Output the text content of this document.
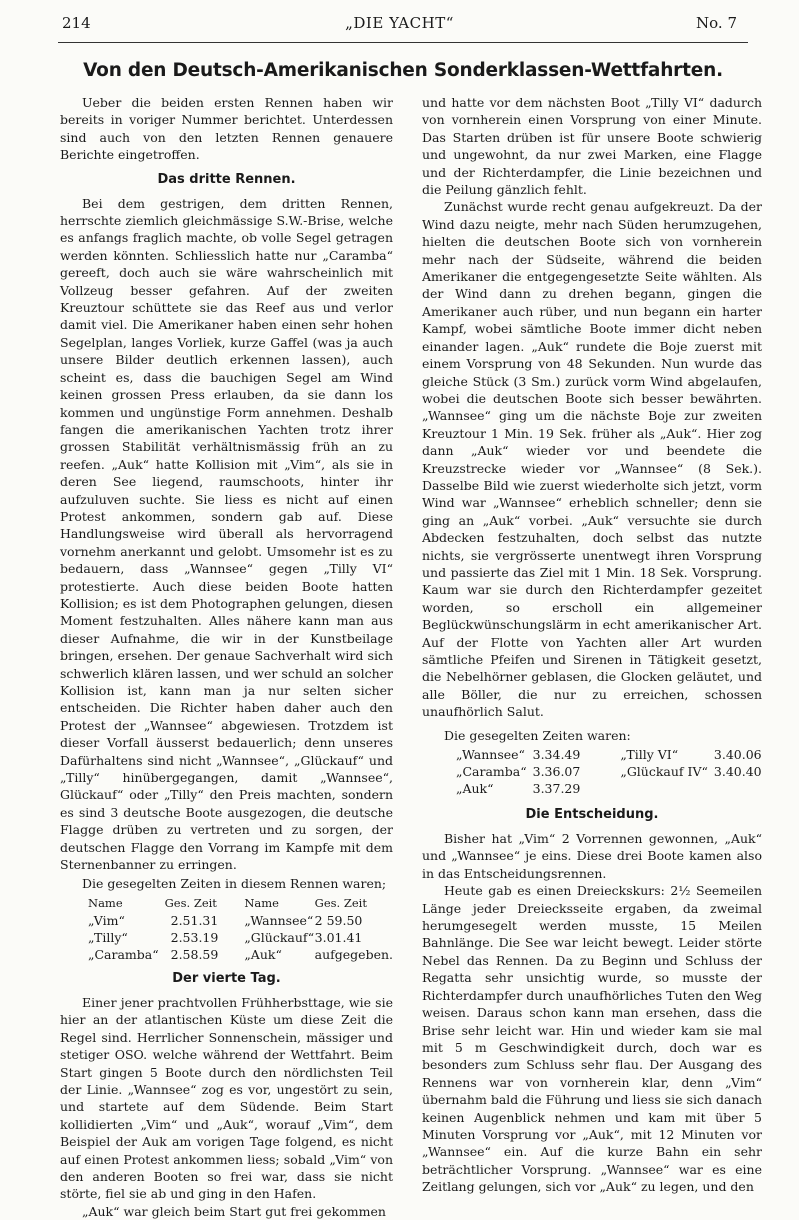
214	„DIE YACHT“	No. 7
Von den Deutsch-Amerikanischen Sonderklassen-Wettfahrten.

Ueber die beiden ersten Rennen haben wir bereits in voriger Nummer berichtet. Unterdessen sind auch von den letzten Rennen genauere Berichte eingetroffen.

Das dritte Rennen.

Bei dem gestrigen, dem dritten Rennen, herrschte ziemlich gleichmässige S.W.-Brise, welche es anfangs fraglich machte, ob volle Segel getragen werden könnten. Schliesslich hatte nur „Caramba“ gereeft, doch auch sie wäre wahrscheinlich mit Vollzeug besser gefahren. Auf der zweiten Kreuztour schüttete sie das Reef aus und verlor damit viel. Die Amerikaner haben einen sehr hohen Segelplan, langes Vorliek, kurze Gaffel (was ja auch unsere Bilder deutlich erkennen lassen), auch scheint es, dass die bauchigen Segel am Wind keinen grossen Press erlauben, da sie dann los kommen und ungünstige Form annehmen. Deshalb fangen die amerikanischen Yachten trotz ihrer grossen Stabilität verhältnismässig früh an zu reefen. „Auk“ hatte Kollision mit „Vim“, als sie in deren See liegend, raumschoots, hinter ihr aufzuluven suchte. Sie liess es nicht auf einen Protest ankommen, sondern gab auf. Diese Handlungsweise wird überall als hervorragend vornehm anerkannt und gelobt. Umsomehr ist es zu bedauern, dass „Wannsee“ gegen „Tilly VI“ protestierte. Auch diese beiden Boote hatten Kollision; es ist dem Photographen gelungen, diesen Moment festzuhalten. Alles nähere kann man aus dieser Aufnahme, die wir in der Kunstbeilage bringen, ersehen. Der genaue Sachverhalt wird sich schwerlich klären lassen, und wer schuld an solcher Kollision ist, kann man ja nur selten sicher entscheiden. Die Richter haben daher auch den Protest der „Wannsee“ abgewiesen. Trotzdem ist dieser Vorfall äusserst bedauerlich; denn unseres Dafürhaltens sind nicht „Wannsee“, „Glückauf“ und „Tilly“ hinübergegangen, damit „Wannsee“, Glückauf“ oder „Tilly“ den Preis machten, sondern es sind 3 deutsche Boote ausgezogen, die deutsche Flagge drüben zu vertreten und zu sorgen, der deutschen Flagge den Vorrang im Kampfe mit dem Sternenbanner zu erringen.

Die gesegelten Zeiten in diesem Rennen waren;

Name	Ges. Zeit	Name	Ges. Zeit
„Vim“	2.51.31	„Wannsee“	2 59.50
„Tilly“	2.53.19	„Glückauf“	3.01.41
„Caramba“	2.58.59	„Auk“	aufgegeben.
Der vierte Tag.

Einer jener prachtvollen Frühherbsttage, wie sie hier an der atlantischen Küste um diese Zeit die Regel sind. Herrlicher Sonnenschein, mässiger und stetiger OSO. welche während der Wettfahrt. Beim Start gingen 5 Boote durch den nördlichsten Teil der Linie. „Wannsee“ zog es vor, ungestört zu sein, und startete auf dem Südende. Beim Start kollidierten „Vim“ und „Auk“, worauf „Vim“, dem Beispiel der Auk am vorigen Tage folgend, es nicht auf einen Protest ankommen liess; sobald „Vim“ von den anderen Booten so frei war, dass sie nicht störte, fiel sie ab und ging in den Hafen.

„Auk“ war gleich beim Start gut frei gekommen

und hatte vor dem nächsten Boot „Tilly VI“ dadurch von vornherein einen Vorsprung von einer Minute. Das Starten drüben ist für unsere Boote schwierig und ungewohnt, da nur zwei Marken, eine Flagge und der Richterdampfer, die Linie bezeichnen und die Peilung gänzlich fehlt.

Zunächst wurde recht genau aufgekreuzt. Da der Wind dazu neigte, mehr nach Süden herumzugehen, hielten die deutschen Boote sich von vornherein mehr nach der Südseite, während die beiden Amerikaner die entgegengesetzte Seite wählten. Als der Wind dann zu drehen begann, gingen die Amerikaner auch rüber, und nun begann ein harter Kampf, wobei sämtliche Boote immer dicht neben einander lagen. „Auk“ rundete die Boje zuerst mit einem Vorsprung von 48 Sekunden. Nun wurde das gleiche Stück (3 Sm.) zurück vorm Wind abgelaufen, wobei die deutschen Boote sich besser bewährten. „Wannsee“ ging um die nächste Boje zur zweiten Kreuztour 1 Min. 19 Sek. früher als „Auk“. Hier zog dann „Auk“ wieder vor und beendete die Kreuzstrecke wieder vor „Wannsee“ (8 Sek.). Dasselbe Bild wie zuerst wiederholte sich jetzt, vorm Wind war „Wannsee“ erheblich schneller; denn sie ging an „Auk“ vorbei. „Auk“ versuchte sie durch Abdecken festzuhalten, doch selbst das nutzte nichts, sie vergrösserte unentwegt ihren Vorsprung und passierte das Ziel mit 1 Min. 18 Sek. Vorsprung. Kaum war sie durch den Richterdampfer gezeitet worden, so erscholl ein allgemeiner Beglückwünschungslärm in echt amerikanischer Art. Auf der Flotte von Yachten aller Art wurden sämtliche Pfeifen und Sirenen in Tätigkeit gesetzt, die Nebelhörner geblasen, die Glocken geläutet, und alle Böller, die nur zu erreichen, schossen unaufhörlich Salut.

Die gesegelten Zeiten waren:

„Wannsee“	3.34.49	„Tilly VI“	3.40.06
„Caramba“	3.36.07	„Glückauf IV“	3.40.40
„Auk“	3.37.29		
Die Entscheidung.

Bisher hat „Vim“ 2 Vorrennen gewonnen, „Auk“ und „Wannsee“ je eins. Diese drei Boote kamen also in das Entscheidungsrennen.

Heute gab es einen Dreieckskurs: 2½ Seemeilen Länge jeder Dreiecksseite ergaben, da zweimal herumgesegelt werden musste, 15 Meilen Bahnlänge. Die See war leicht bewegt. Leider störte Nebel das Rennen. Da zu Beginn und Schluss der Regatta sehr unsichtig wurde, so musste der Richterdampfer durch unaufhörliches Tuten den Weg weisen. Daraus schon kann man ersehen, dass die Brise sehr leicht war. Hin und wieder kam sie mal mit 5 m Geschwindigkeit durch, doch war es besonders zum Schluss sehr flau. Der Ausgang des Rennens war von vornherein klar, denn „Vim“ übernahm bald die Führung und liess sie sich danach keinen Augenblick nehmen und kam mit über 5 Minuten Vorsprung vor „Auk“, mit 12 Minuten vor „Wannsee“ ein. Auf die kurze Bahn ein sehr beträchtlicher Vorsprung. „Wannsee“ war es eine Zeitlang gelungen, sich vor „Auk“ zu legen, und den
